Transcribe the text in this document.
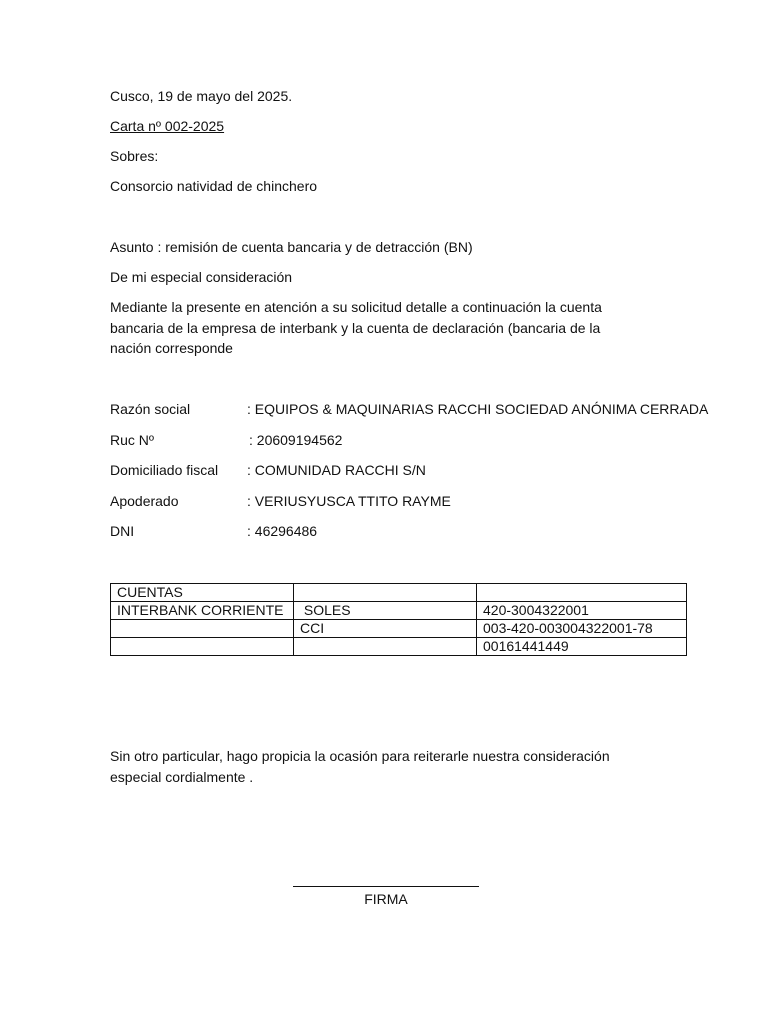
Cusco, 19 de mayo del 2025.
Carta nº 002-2025
Sobres:
Consorcio natividad de chinchero
Asunto : remisión de cuenta bancaria y de detracción (BN)
De mi especial consideración
Mediante la presente en atención a su solicitud detalle a continuación la cuenta
bancaria de la empresa de interbank y la cuenta de declaración (bancaria de la
nación corresponde
Razón social	: EQUIPOS & MAQUINARIAS RACCHI SOCIEDAD ANÓNIMA CERRADA
Ruc Nº	: 20609194562
Domiciliado fiscal : COMUNIDAD RACCHI S/N
Apoderado	: VERIUSYUSCA TTITO RAYME
DNI	: 46296486
CUENTAS		
INTERBANK CORRIENTE	SOLES	420-3004322001
	CCI	003-420-003004322001-78
		00161441449
Sin otro particular, hago propicia la ocasión para reiterarle nuestra consideración
especial cordialmente .
FIRMA
